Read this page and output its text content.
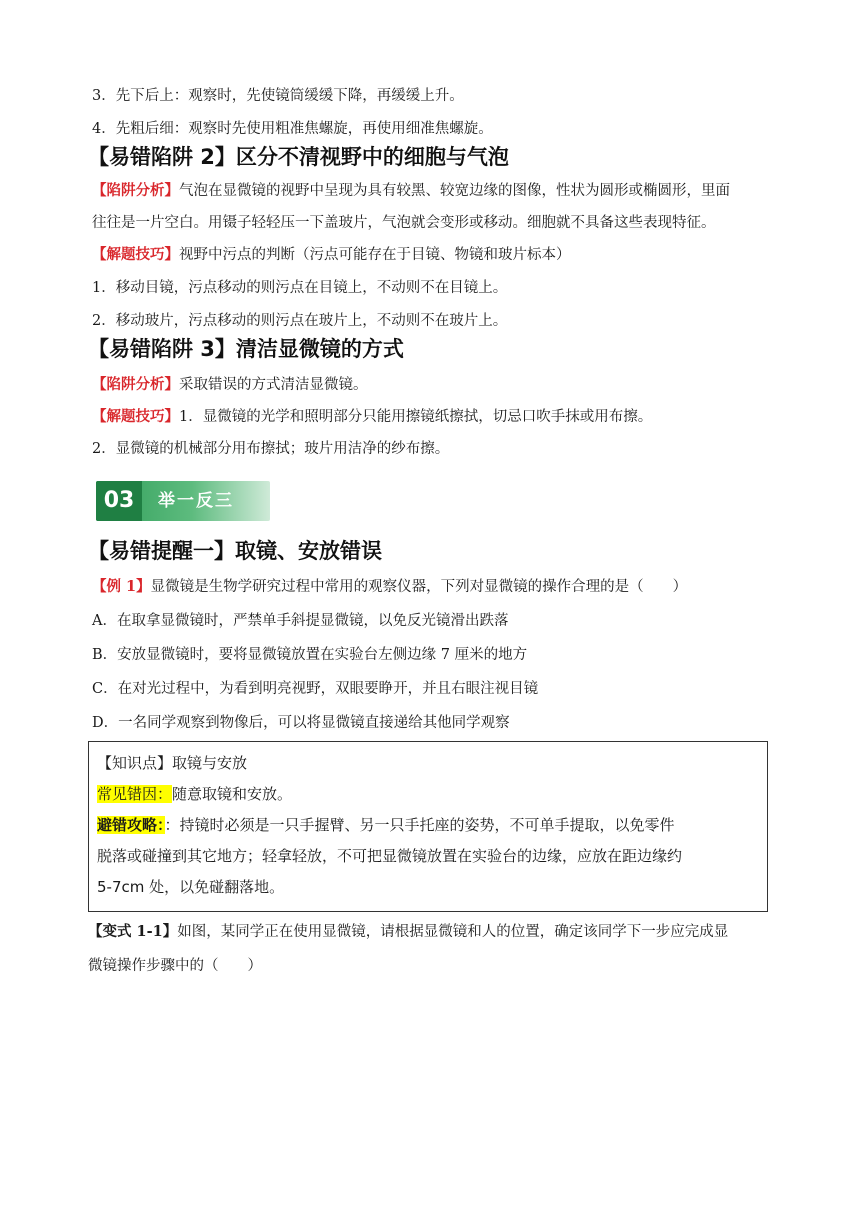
3．先下后上：观察时，先使镜筒缓缓下降，再缓缓上升。

4．先粗后细：观察时先使用粗准焦螺旋，再使用细准焦螺旋。

【易错陷阱 2】区分不清视野中的细胞与气泡

【陷阱分析】气泡在显微镜的视野中呈现为具有较黑、较宽边缘的图像，性状为圆形或椭圆形，里面

往往是一片空白。用镊子轻轻压一下盖玻片，气泡就会变形或移动。细胞就不具备这些表现特征。

【解题技巧】视野中污点的判断（污点可能存在于目镜、物镜和玻片标本）

1．移动目镜，污点移动的则污点在目镜上，不动则不在目镜上。

2．移动玻片，污点移动的则污点在玻片上，不动则不在玻片上。

【易错陷阱 3】清洁显微镜的方式

【陷阱分析】采取错误的方式清洁显微镜。

【解题技巧】1．显微镜的光学和照明部分只能用擦镜纸擦拭，切忌口吹手抹或用布擦。

2．显微镜的机械部分用布擦拭；玻片用洁净的纱布擦。

03	举一反三

【易错提醒一】取镜、安放错误

【例 1】显微镜是生物学研究过程中常用的观察仪器，下列对显微镜的操作合理的是（　　）

A．在取拿显微镜时，严禁单手斜提显微镜，以免反光镜滑出跌落

B．安放显微镜时，要将显微镜放置在实验台左侧边缘 7 厘米的地方

C．在对光过程中，为看到明亮视野，双眼要睁开，并且右眼注视目镜

D．一名同学观察到物像后，可以将显微镜直接递给其他同学观察

【知识点】取镜与安放

常见错因：随意取镜和安放。

避错攻略：：持镜时必须是一只手握臂、另一只手托座的姿势，不可单手提取，以免零件

脱落或碰撞到其它地方；轻拿轻放，不可把显微镜放置在实验台的边缘，应放在距边缘约

5-7cm 处，以免碰翻落地。

【变式 1-1】如图，某同学正在使用显微镜，请根据显微镜和人的位置，确定该同学下一步应完成显

微镜操作步骤中的（　　）
